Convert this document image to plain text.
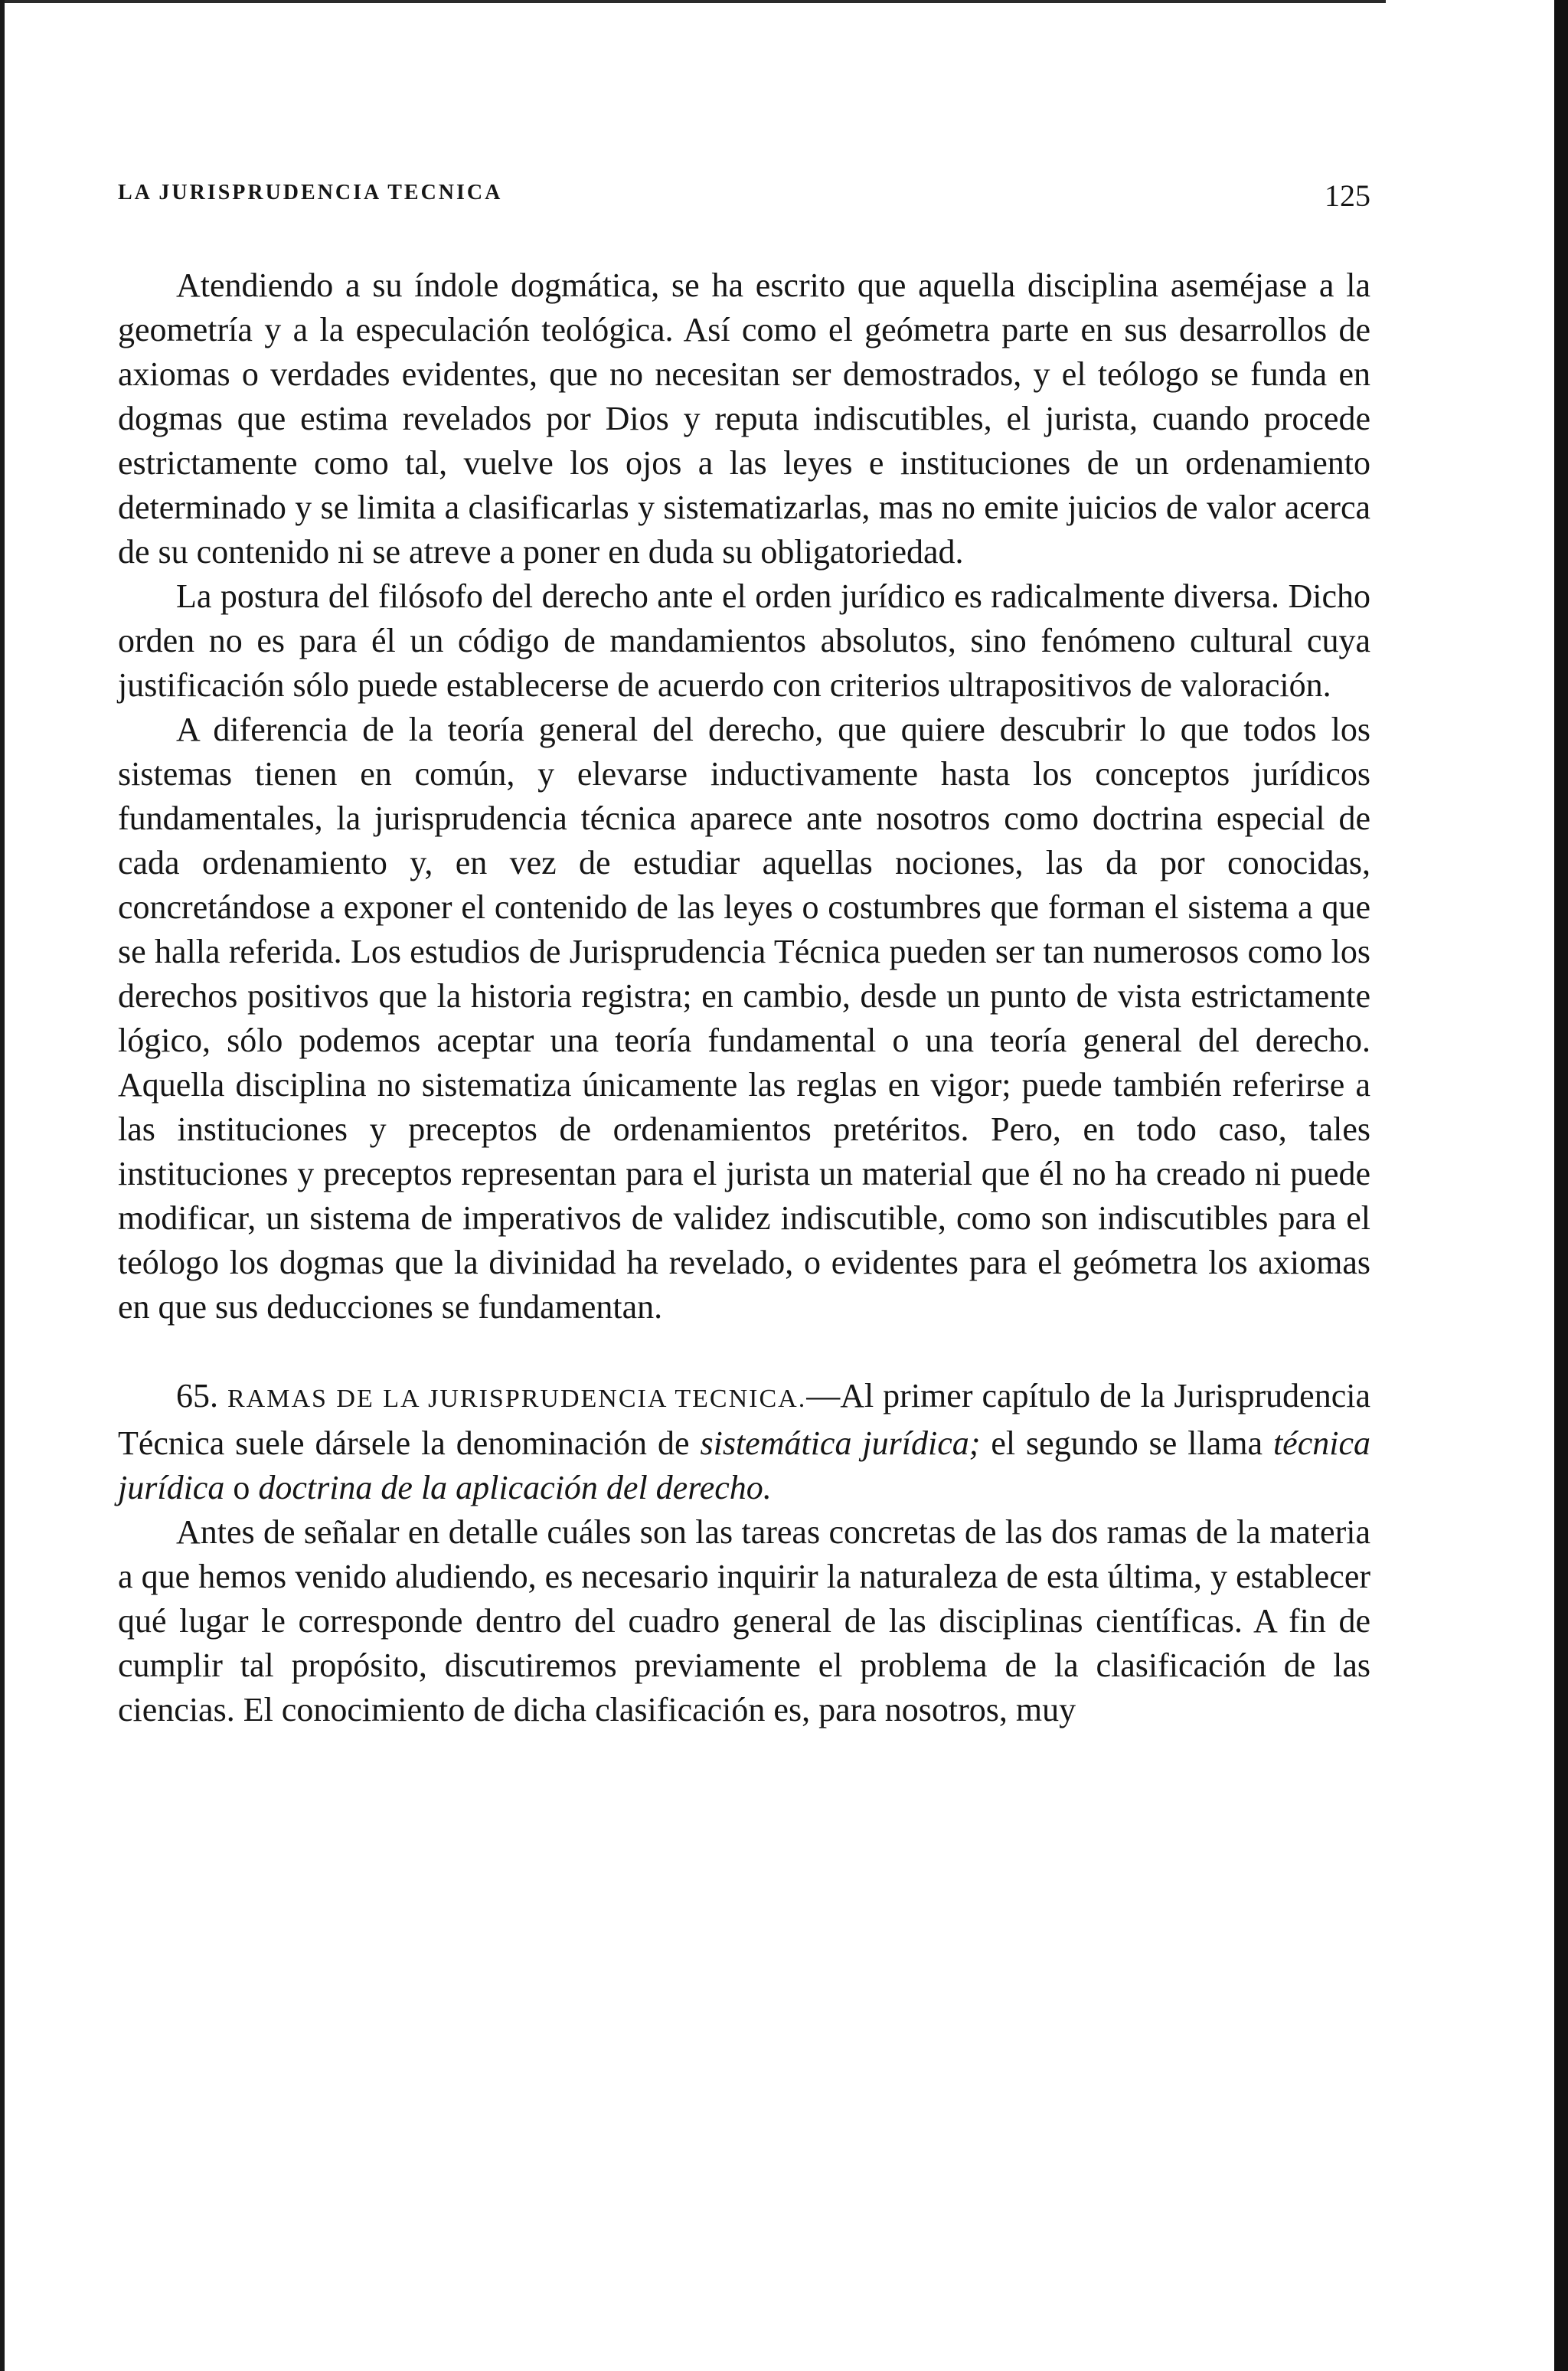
LA JURISPRUDENCIA TECNICA	125

Atendiendo a su índole dogmática, se ha escrito que aquella disciplina aseméjase a la geometría y a la especulación teológica. Así como el geómetra parte en sus desarrollos de axiomas o verdades evidentes, que no necesitan ser demostrados, y el teólogo se funda en dogmas que estima revelados por Dios y reputa indiscutibles, el jurista, cuando procede estrictamente como tal, vuelve los ojos a las leyes e instituciones de un ordenamiento determinado y se limita a clasificarlas y sistematizarlas, mas no emite juicios de valor acerca de su contenido ni se atreve a poner en duda su obligatoriedad.

La postura del filósofo del derecho ante el orden jurídico es radicalmente diversa. Dicho orden no es para él un código de mandamientos absolutos, sino fenómeno cultural cuya justificación sólo puede establecerse de acuerdo con criterios ultrapositivos de valoración.

A diferencia de la teoría general del derecho, que quiere descubrir lo que todos los sistemas tienen en común, y elevarse inductivamente hasta los conceptos jurídicos fundamentales, la jurisprudencia técnica aparece ante nosotros como doctrina especial de cada ordenamiento y, en vez de estudiar aquellas nociones, las da por conocidas, concretándose a exponer el contenido de las leyes o costumbres que forman el sistema a que se halla referida. Los estudios de Jurisprudencia Técnica pueden ser tan numerosos como los derechos positivos que la historia registra; en cambio, desde un punto de vista estrictamente lógico, sólo podemos aceptar una teoría fundamental o una teoría general del derecho. Aquella disciplina no sistematiza únicamente las reglas en vigor; puede también referirse a las instituciones y preceptos de ordenamientos pretéritos. Pero, en todo caso, tales instituciones y preceptos representan para el jurista un material que él no ha creado ni puede modificar, un sistema de imperativos de validez indiscutible, como son indiscutibles para el teólogo los dogmas que la divinidad ha revelado, o evidentes para el geómetra los axiomas en que sus deducciones se fundamentan.

65. RAMAS DE LA JURISPRUDENCIA TECNICA.—Al primer capítulo de la Jurisprudencia Técnica suele dársele la denominación de sistemática jurídica; el segundo se llama técnica jurídica o doctrina de la aplicación del derecho.

Antes de señalar en detalle cuáles son las tareas concretas de las dos ramas de la materia a que hemos venido aludiendo, es necesario inquirir la naturaleza de esta última, y establecer qué lugar le corresponde dentro del cuadro general de las disciplinas científicas. A fin de cumplir tal propósito, discutiremos previamente el problema de la clasificación de las ciencias. El conocimiento de dicha clasificación es, para nosotros, muy
